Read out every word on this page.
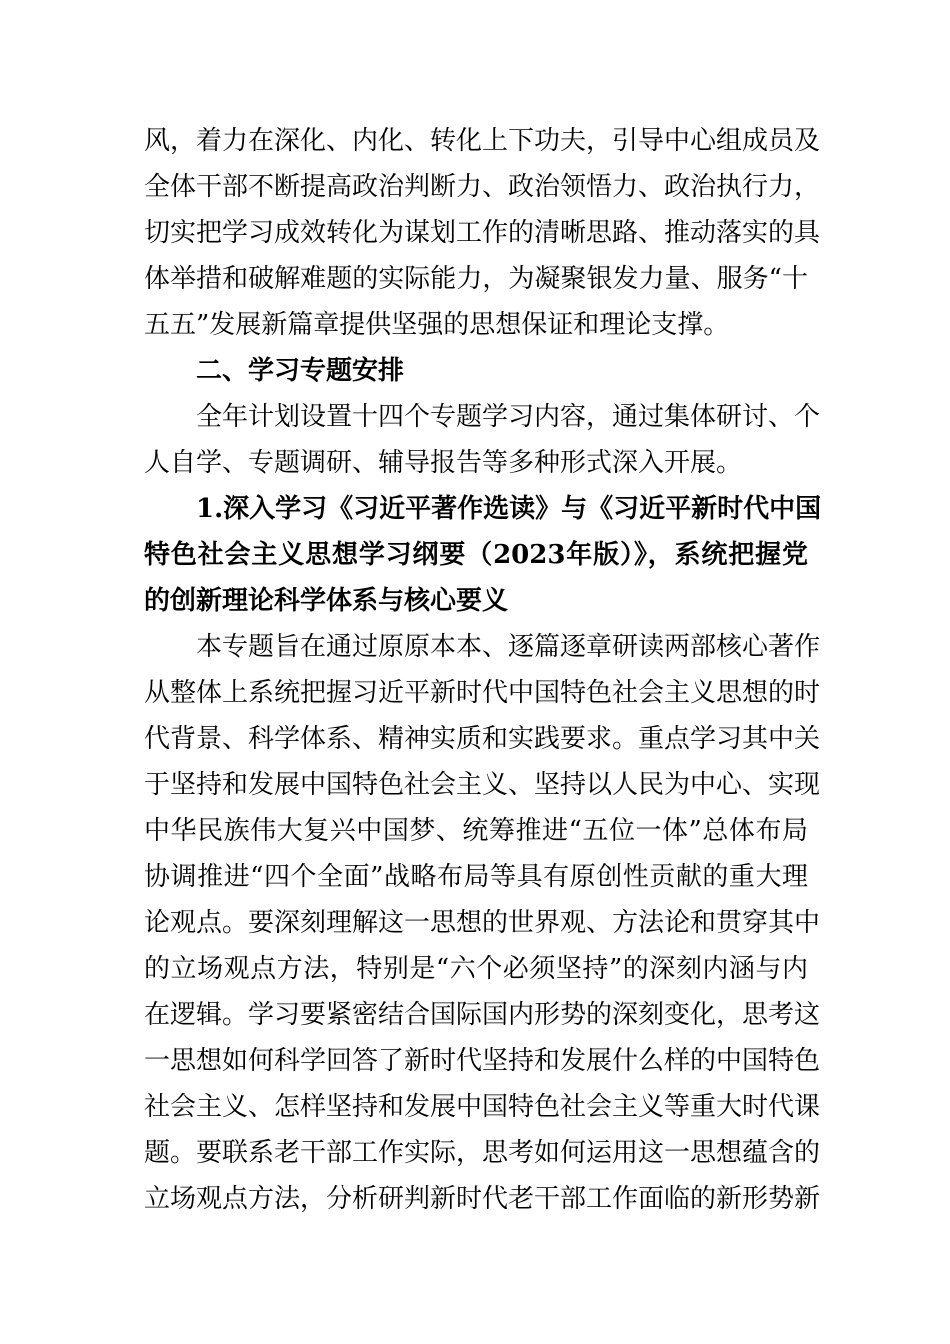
风，着力在深化、内化、转化上下功夫，引导中心组成员及
全体干部不断提高政治判断力、政治领悟力、政治执行力，
切实把学习成效转化为谋划工作的清晰思路、推动落实的具
体举措和破解难题的实际能力，为凝聚银发力量、服务“十
五五”发展新篇章提供坚强的思想保证和理论支撑。
二、学习专题安排
全年计划设置十四个专题学习内容，通过集体研讨、个
人自学、专题调研、辅导报告等多种形式深入开展。
1.深入学习《习近平著作选读》与《习近平新时代中国
特色社会主义思想学习纲要（2023年版）》，系统把握党
的创新理论科学体系与核心要义
本专题旨在通过原原本本、逐篇逐章研读两部核心著作
从整体上系统把握习近平新时代中国特色社会主义思想的时
代背景、科学体系、精神实质和实践要求。重点学习其中关
于坚持和发展中国特色社会主义、坚持以人民为中心、实现
中华民族伟大复兴中国梦、统筹推进“五位一体”总体布局
协调推进“四个全面”战略布局等具有原创性贡献的重大理
论观点。要深刻理解这一思想的世界观、方法论和贯穿其中
的立场观点方法，特别是“六个必须坚持”的深刻内涵与内
在逻辑。学习要紧密结合国际国内形势的深刻变化，思考这
一思想如何科学回答了新时代坚持和发展什么样的中国特色
社会主义、怎样坚持和发展中国特色社会主义等重大时代课
题。要联系老干部工作实际，思考如何运用这一思想蕴含的
立场观点方法，分析研判新时代老干部工作面临的新形势新
